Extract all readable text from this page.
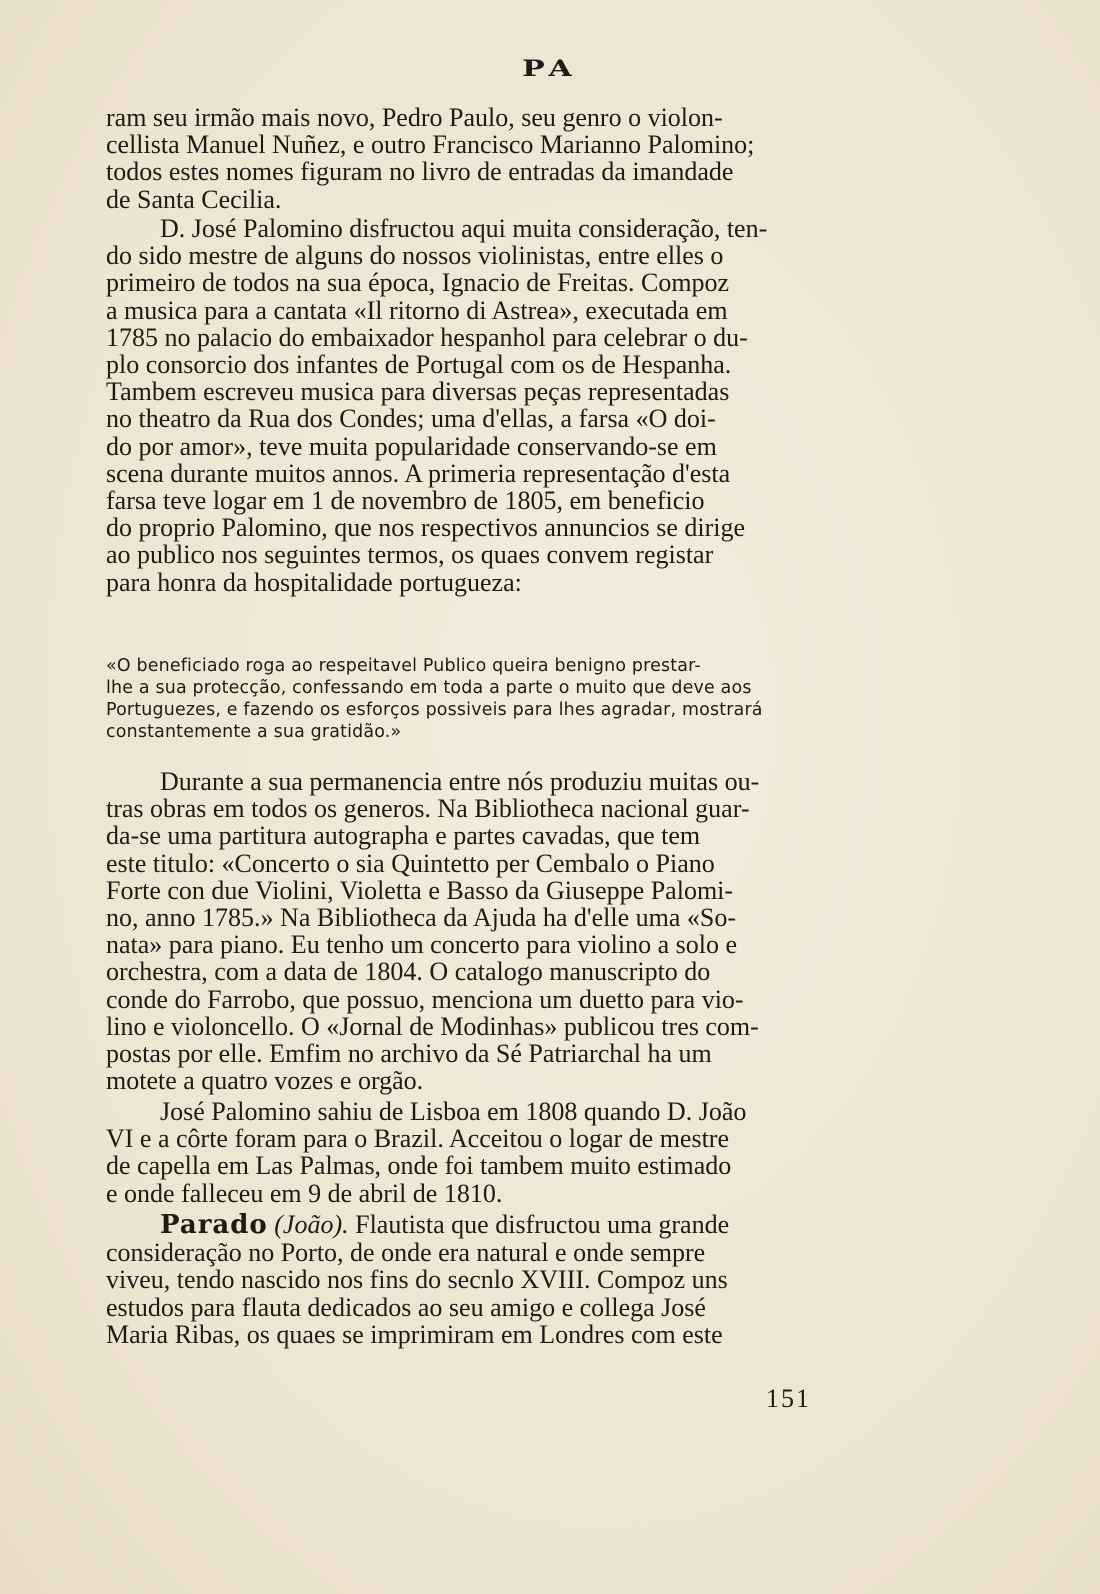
PA

ram seu irmão mais novo, Pedro Paulo, seu genro o violon-
cellista Manuel Nuñez, e outro Francisco Marianno Palomino;
todos estes nomes figuram no livro de entradas da imandade
de Santa Cecilia.

D. José Palomino disfructou aqui muita consideração, ten-
do sido mestre de alguns do nossos violinistas, entre elles o
primeiro de todos na sua época, Ignacio de Freitas. Compoz
a musica para a cantata «Il ritorno di Astrea», executada em
1785 no palacio do embaixador hespanhol para celebrar o du-
plo consorcio dos infantes de Portugal com os de Hespanha.
Tambem escreveu musica para diversas peças representadas
no theatro da Rua dos Condes; uma d'ellas, a farsa «O doi-
do por amor», teve muita popularidade conservando-se em
scena durante muitos annos. A primeria representação d'esta
farsa teve logar em 1 de novembro de 1805, em beneficio
do proprio Palomino, que nos respectivos annuncios se dirige
ao publico nos seguintes termos, os quaes convem registar
para honra da hospitalidade portugueza:

«O beneficiado roga ao respeitavel Publico queira benigno prestar-
lhe a sua protecção, confessando em toda a parte o muito que deve aos
Portuguezes, e fazendo os esforços possiveis para lhes agradar, mostrará
constantemente a sua gratidão.»

Durante a sua permanencia entre nós produziu muitas ou-
tras obras em todos os generos. Na Bibliotheca nacional guar-
da-se uma partitura autographa e partes cavadas, que tem
este titulo: «Concerto o sia Quintetto per Cembalo o Piano
Forte con due Violini, Violetta e Basso da Giuseppe Palomi-
no, anno 1785.» Na Bibliotheca da Ajuda ha d'elle uma «So-
nata» para piano. Eu tenho um concerto para violino a solo e
orchestra, com a data de 1804. O catalogo manuscripto do
conde do Farrobo, que possuo, menciona um duetto para vio-
lino e violoncello. O «Jornal de Modinhas» publicou tres com-
postas por elle. Emfim no archivo da Sé Patriarchal ha um
motete a quatro vozes e orgão.

José Palomino sahiu de Lisboa em 1808 quando D. João
VI e a côrte foram para o Brazil. Acceitou o logar de mestre
de capella em Las Palmas, onde foi tambem muito estimado
e onde falleceu em 9 de abril de 1810.

Parado (João). Flautista que disfructou uma grande
consideração no Porto, de onde era natural e onde sempre
viveu, tendo nascido nos fins do secnlo XVIII. Compoz uns
estudos para flauta dedicados ao seu amigo e collega José
Maria Ribas, os quaes se imprimiram em Londres com este

151
